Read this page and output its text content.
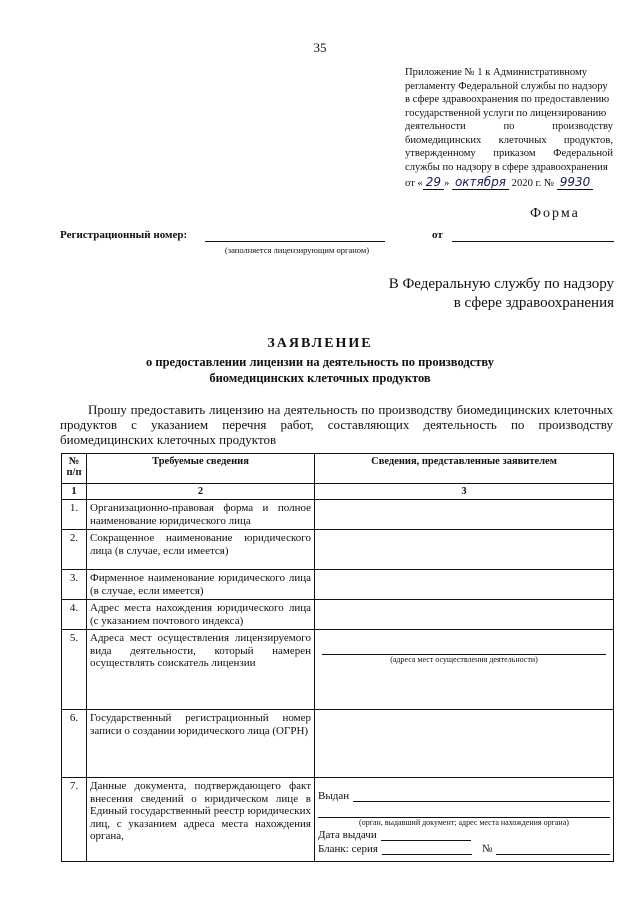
35
Приложение № 1 к Административному
регламенту Федеральной службы по надзору
в сфере здравоохранения по предоставлению
государственной услуги по лицензированию
деятельности по производству
биомедицинских клеточных продуктов,
утвержденному приказом Федеральной
службы по надзору в сфере здравоохранения
от « 29 » октября 2020 г. № 9930
Форма
Регистрационный номер:
(заполняется лицензирующим органом)
от
В Федеральную службу по надзору
в сфере здравоохранения
ЗАЯВЛЕНИЕ
о предоставлении лицензии на деятельность по производству биомедицинских клеточных продуктов
Прошу предоставить лицензию на деятельность по производству биомедицинских клеточных продуктов с указанием перечня работ, составляющих деятельность по производству биомедицинских клеточных продуктов
№ п/п	Требуемые сведения	Сведения, представленные заявителем
1	2	3
1.	Организационно-правовая форма и полное наименование юридического лица	
2.	Сокращенное наименование юридического лица (в случае, если имеется)	
3.	Фирменное наименование юридического лица (в случае, если имеется)	
4.	Адрес места нахождения юридического лица (с указанием почтового индекса)	
5.	Адреса мест осуществления лицензируемого вида деятельности, который намерен осуществлять соискатель лицензии	(адреса мест осуществления деятельности)

6.	Государственный регистрационный номер записи о создании юридического лица (ОГРН)	
7.	Данные документа, подтверждающего факт внесения сведений о юридическом лице в Единый государственный реестр юридических лиц, с указанием адреса места нахождения органа,	Выдан
(орган, выдавший документ; адрес места нахождения органа)
Дата выдачи
Бланк: серия №
